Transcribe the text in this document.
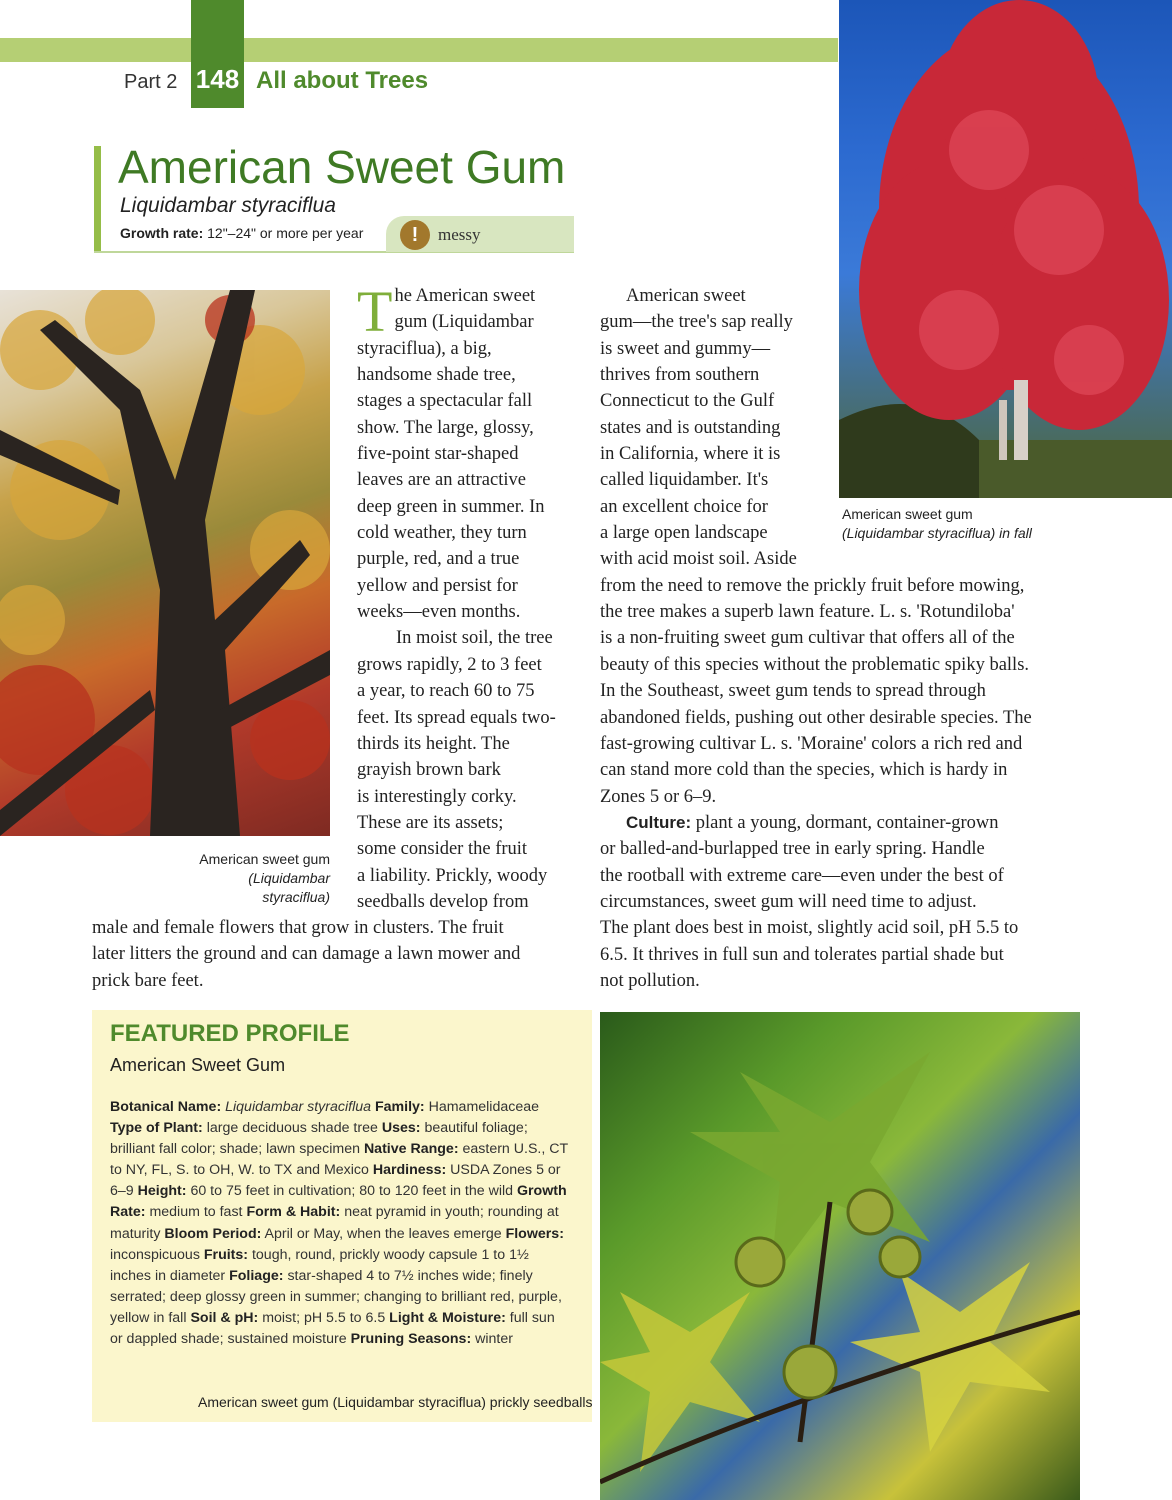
148
Part 2	All about Trees
American Sweet Gum
Liquidambar styraciflua
Growth rate: 12"–24" or more per year	!	messy
American sweet gum
(Liquidambar styraciflua)
American sweet gum
(Liquidambar styraciflua) in fall
T he American sweet
gum (Liquidambar
styraciflua), a big,
handsome shade tree,
stages a spectacular fall
show. The large, glossy,
five-point star-shaped
leaves are an attractive
deep green in summer. In
cold weather, they turn
purple, red, and a true
yellow and persist for
weeks—even months.
In moist soil, the tree
grows rapidly, 2 to 3 feet
a year, to reach 60 to 75
feet. Its spread equals two-
thirds its height. The
grayish brown bark
is interestingly corky.
These are its assets;
some consider the fruit
a liability. Prickly, woody
seedballs develop from
male and female flowers that grow in clusters. The fruit
later litters the ground and can damage a lawn mower and
prick bare feet.
American sweet
gum—the tree's sap really
is sweet and gummy—
thrives from southern
Connecticut to the Gulf
states and is outstanding
in California, where it is
called liquidamber. It's
an excellent choice for
a large open landscape
with acid moist soil. Aside
from the need to remove the prickly fruit before mowing,
the tree makes a superb lawn feature. L. s. 'Rotundiloba'
is a non-fruiting sweet gum cultivar that offers all of the
beauty of this species without the problematic spiky balls.
In the Southeast, sweet gum tends to spread through
abandoned fields, pushing out other desirable species. The
fast-growing cultivar L. s. 'Moraine' colors a rich red and
can stand more cold than the species, which is hardy in
Zones 5 or 6–9.
Culture: plant a young, dormant, container-grown
or balled-and-burlapped tree in early spring. Handle
the rootball with extreme care—even under the best of
circumstances, sweet gum will need time to adjust.
The plant does best in moist, slightly acid soil, pH 5.5 to
6.5. It thrives in full sun and tolerates partial shade but
not pollution.
FEATURED PROFILE
American Sweet Gum
Botanical Name: Liquidambar styraciflua Family: Hamamelidaceae Type of Plant: large deciduous shade tree Uses: beautiful foliage; brilliant fall color; shade; lawn specimen Native Range: eastern U.S., CT to NY, FL, S. to OH, W. to TX and Mexico Hardiness: USDA Zones 5 or 6–9 Height: 60 to 75 feet in cultivation; 80 to 120 feet in the wild Growth Rate: medium to fast Form & Habit: neat pyramid in youth; rounding at maturity Bloom Period: April or May, when the leaves emerge Flowers: inconspicuous Fruits: tough, round, prickly woody capsule 1 to 1½ inches in diameter Foliage: star-shaped 4 to 7½ inches wide; finely serrated; deep glossy green in summer; changing to brilliant red, purple, yellow in fall Soil & pH: moist; pH 5.5 to 6.5 Light & Moisture: full sun or dappled shade; sustained moisture Pruning Seasons: winter
American sweet gum (Liquidambar styraciflua) prickly seedballs
